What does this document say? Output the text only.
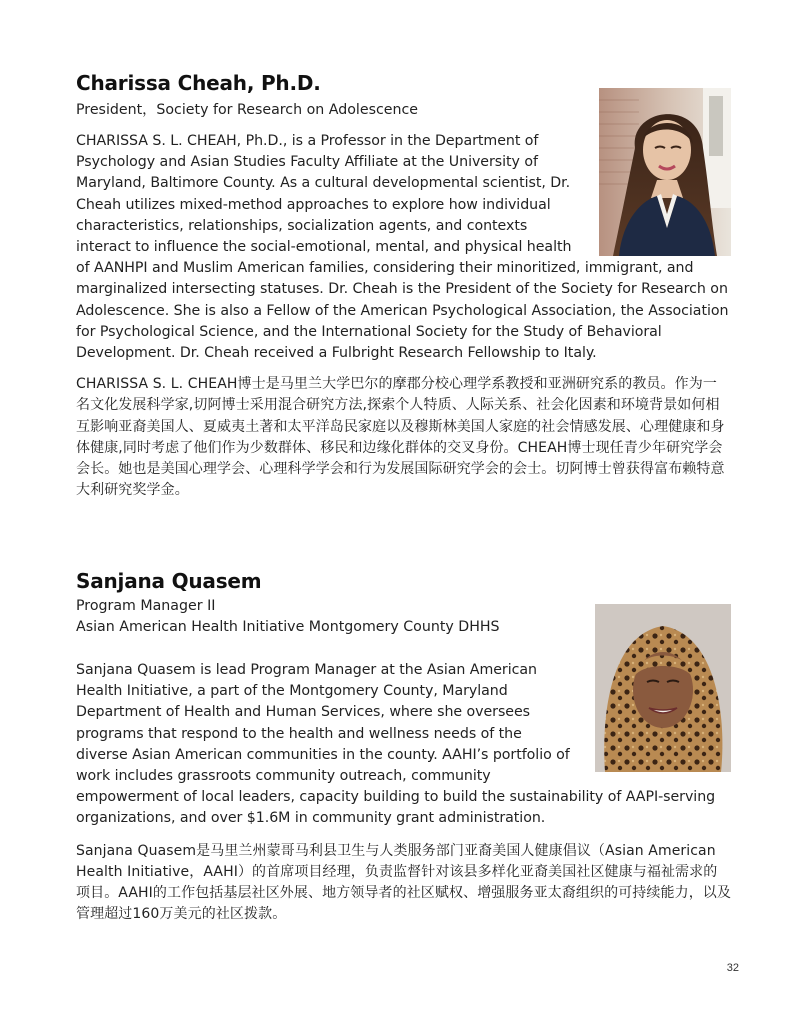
Charissa Cheah, Ph.D.
President，Society for Research on Adolescence

CHARISSA S. L. CHEAH, Ph.D., is a Professor in the Department of Psychology and Asian Studies Faculty Affiliate at the University of Maryland, Baltimore County. As a cultural developmental scientist, Dr. Cheah utilizes mixed-method approaches to explore how individual characteristics, relationships, socialization agents, and contexts interact to influence the social-emotional, mental, and physical health of AANHPI and Muslim American families, considering their minoritized, immigrant, and marginalized intersecting statuses. Dr. Cheah is the President of the Society for Research on Adolescence. She is also a Fellow of the American Psychological Association, the Association for Psychological Science, and the International Society for the Study of Behavioral Development. Dr. Cheah received a Fulbright Research Fellowship to Italy.

CHARISSA S. L. CHEAH博士是马里兰大学巴尔的摩郡分校心理学系教授和亚洲研究系的教员。作为一名文化发展科学家,切阿博士采用混合研究方法,探索个人特质、人际关系、社会化因素和环境背景如何相互影响亚裔美国人、夏威夷土著和太平洋岛民家庭以及穆斯林美国人家庭的社会情感发展、心理健康和身体健康,同时考虑了他们作为少数群体、移民和边缘化群体的交叉身份。CHEAH博士现任青少年研究学会会长。她也是美国心理学会、心理科学学会和行为发展国际研究学会的会士。切阿博士曾获得富布赖特意大利研究奖学金。

Sanjana Quasem
Program Manager II
Asian American Health Initiative Montgomery County DHHS

Sanjana Quasem is lead Program Manager at the Asian American Health Initiative, a part of the Montgomery County, Maryland Department of Health and Human Services, where she oversees programs that respond to the health and wellness needs of the diverse Asian American communities in the county. AAHI’s portfolio of work includes grassroots community outreach, community empowerment of local leaders, capacity building to build the sustainability of AAPI-serving organizations, and over $1.6M in community grant administration.

Sanjana Quasem是马里兰州蒙哥马利县卫生与人类服务部门亚裔美国人健康倡议（Asian American Health Initiative，AAHI）的首席项目经理，负责监督针对该县多样化亚裔美国社区健康与福祉需求的项目。AAHI的工作包括基层社区外展、地方领导者的社区赋权、增强服务亚太裔组织的可持续能力，以及管理超过160万美元的社区拨款。

32
